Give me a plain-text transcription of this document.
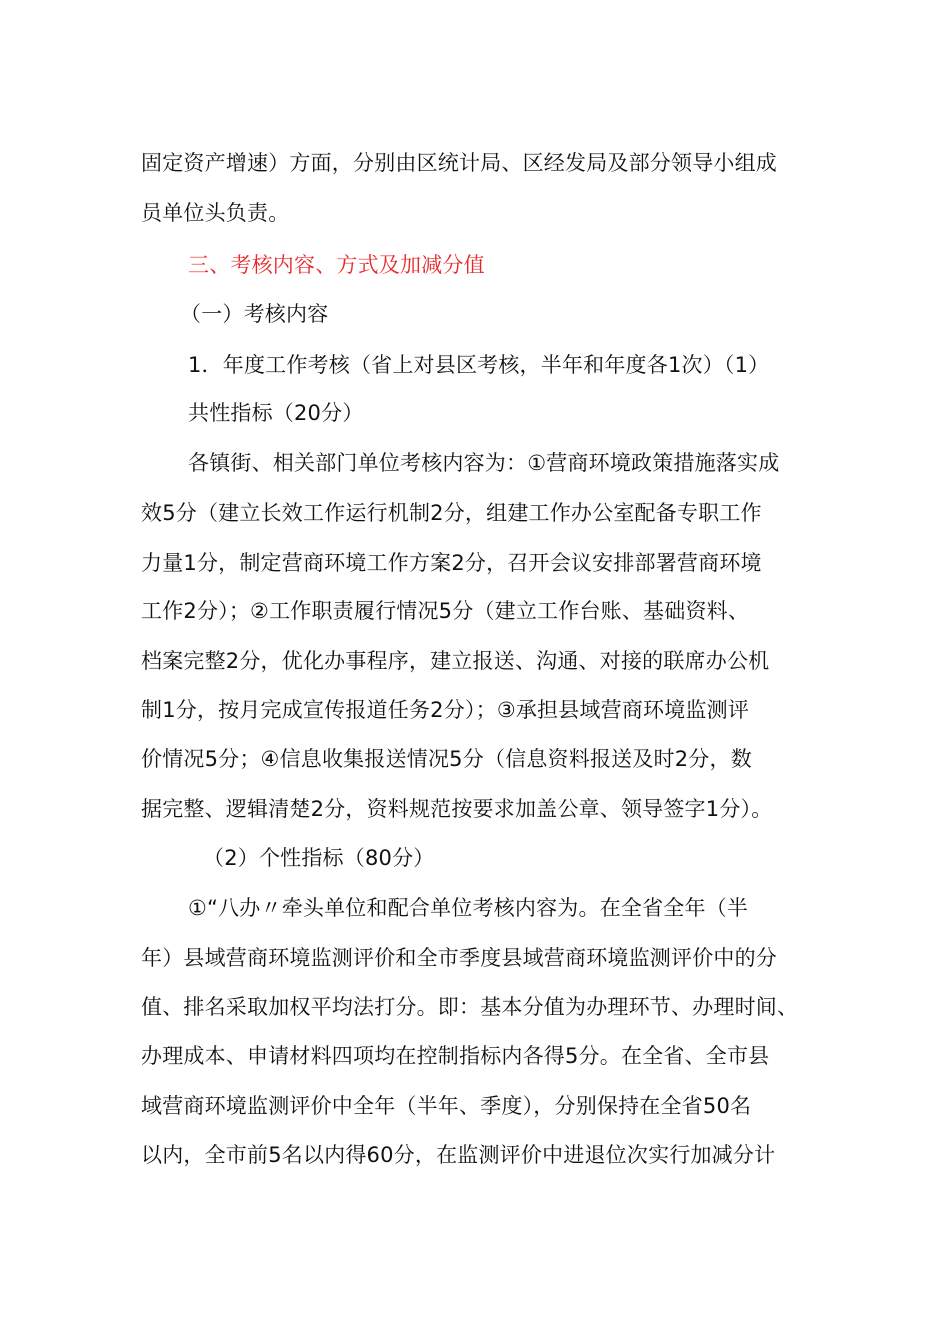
固定资产增速）方面，分别由区统计局、区经发局及部分领导小组成
员单位头负责。
三、考核内容、方式及加减分值
（一）考核内容
1．年度工作考核（省上对县区考核，半年和年度各1次）（1）
共性指标（20分）
各镇街、相关部门单位考核内容为：①营商环境政策措施落实成
效5分（建立长效工作运行机制2分，组建工作办公室配备专职工作
力量1分，制定营商环境工作方案2分，召开会议安排部署营商环境
工作2分）；②工作职责履行情况5分（建立工作台账、基础资料、
档案完整2分，优化办事程序，建立报送、沟通、对接的联席办公机
制1分，按月完成宣传报道任务2分）；③承担县域营商环境监测评
价情况5分；④信息收集报送情况5分（信息资料报送及时2分，数
据完整、逻辑清楚2分，资料规范按要求加盖公章、领导签字1分）。
（2）个性指标（80分）
①“八办〃牵头单位和配合单位考核内容为。在全省全年（半
年）县域营商环境监测评价和全市季度县域营商环境监测评价中的分
值、排名采取加权平均法打分。即：基本分值为办理环节、办理时间、
办理成本、申请材料四项均在控制指标内各得5分。在全省、全市县
域营商环境监测评价中全年（半年、季度），分别保持在全省50名
以内，全市前5名以内得60分，在监测评价中进退位次实行加减分计
